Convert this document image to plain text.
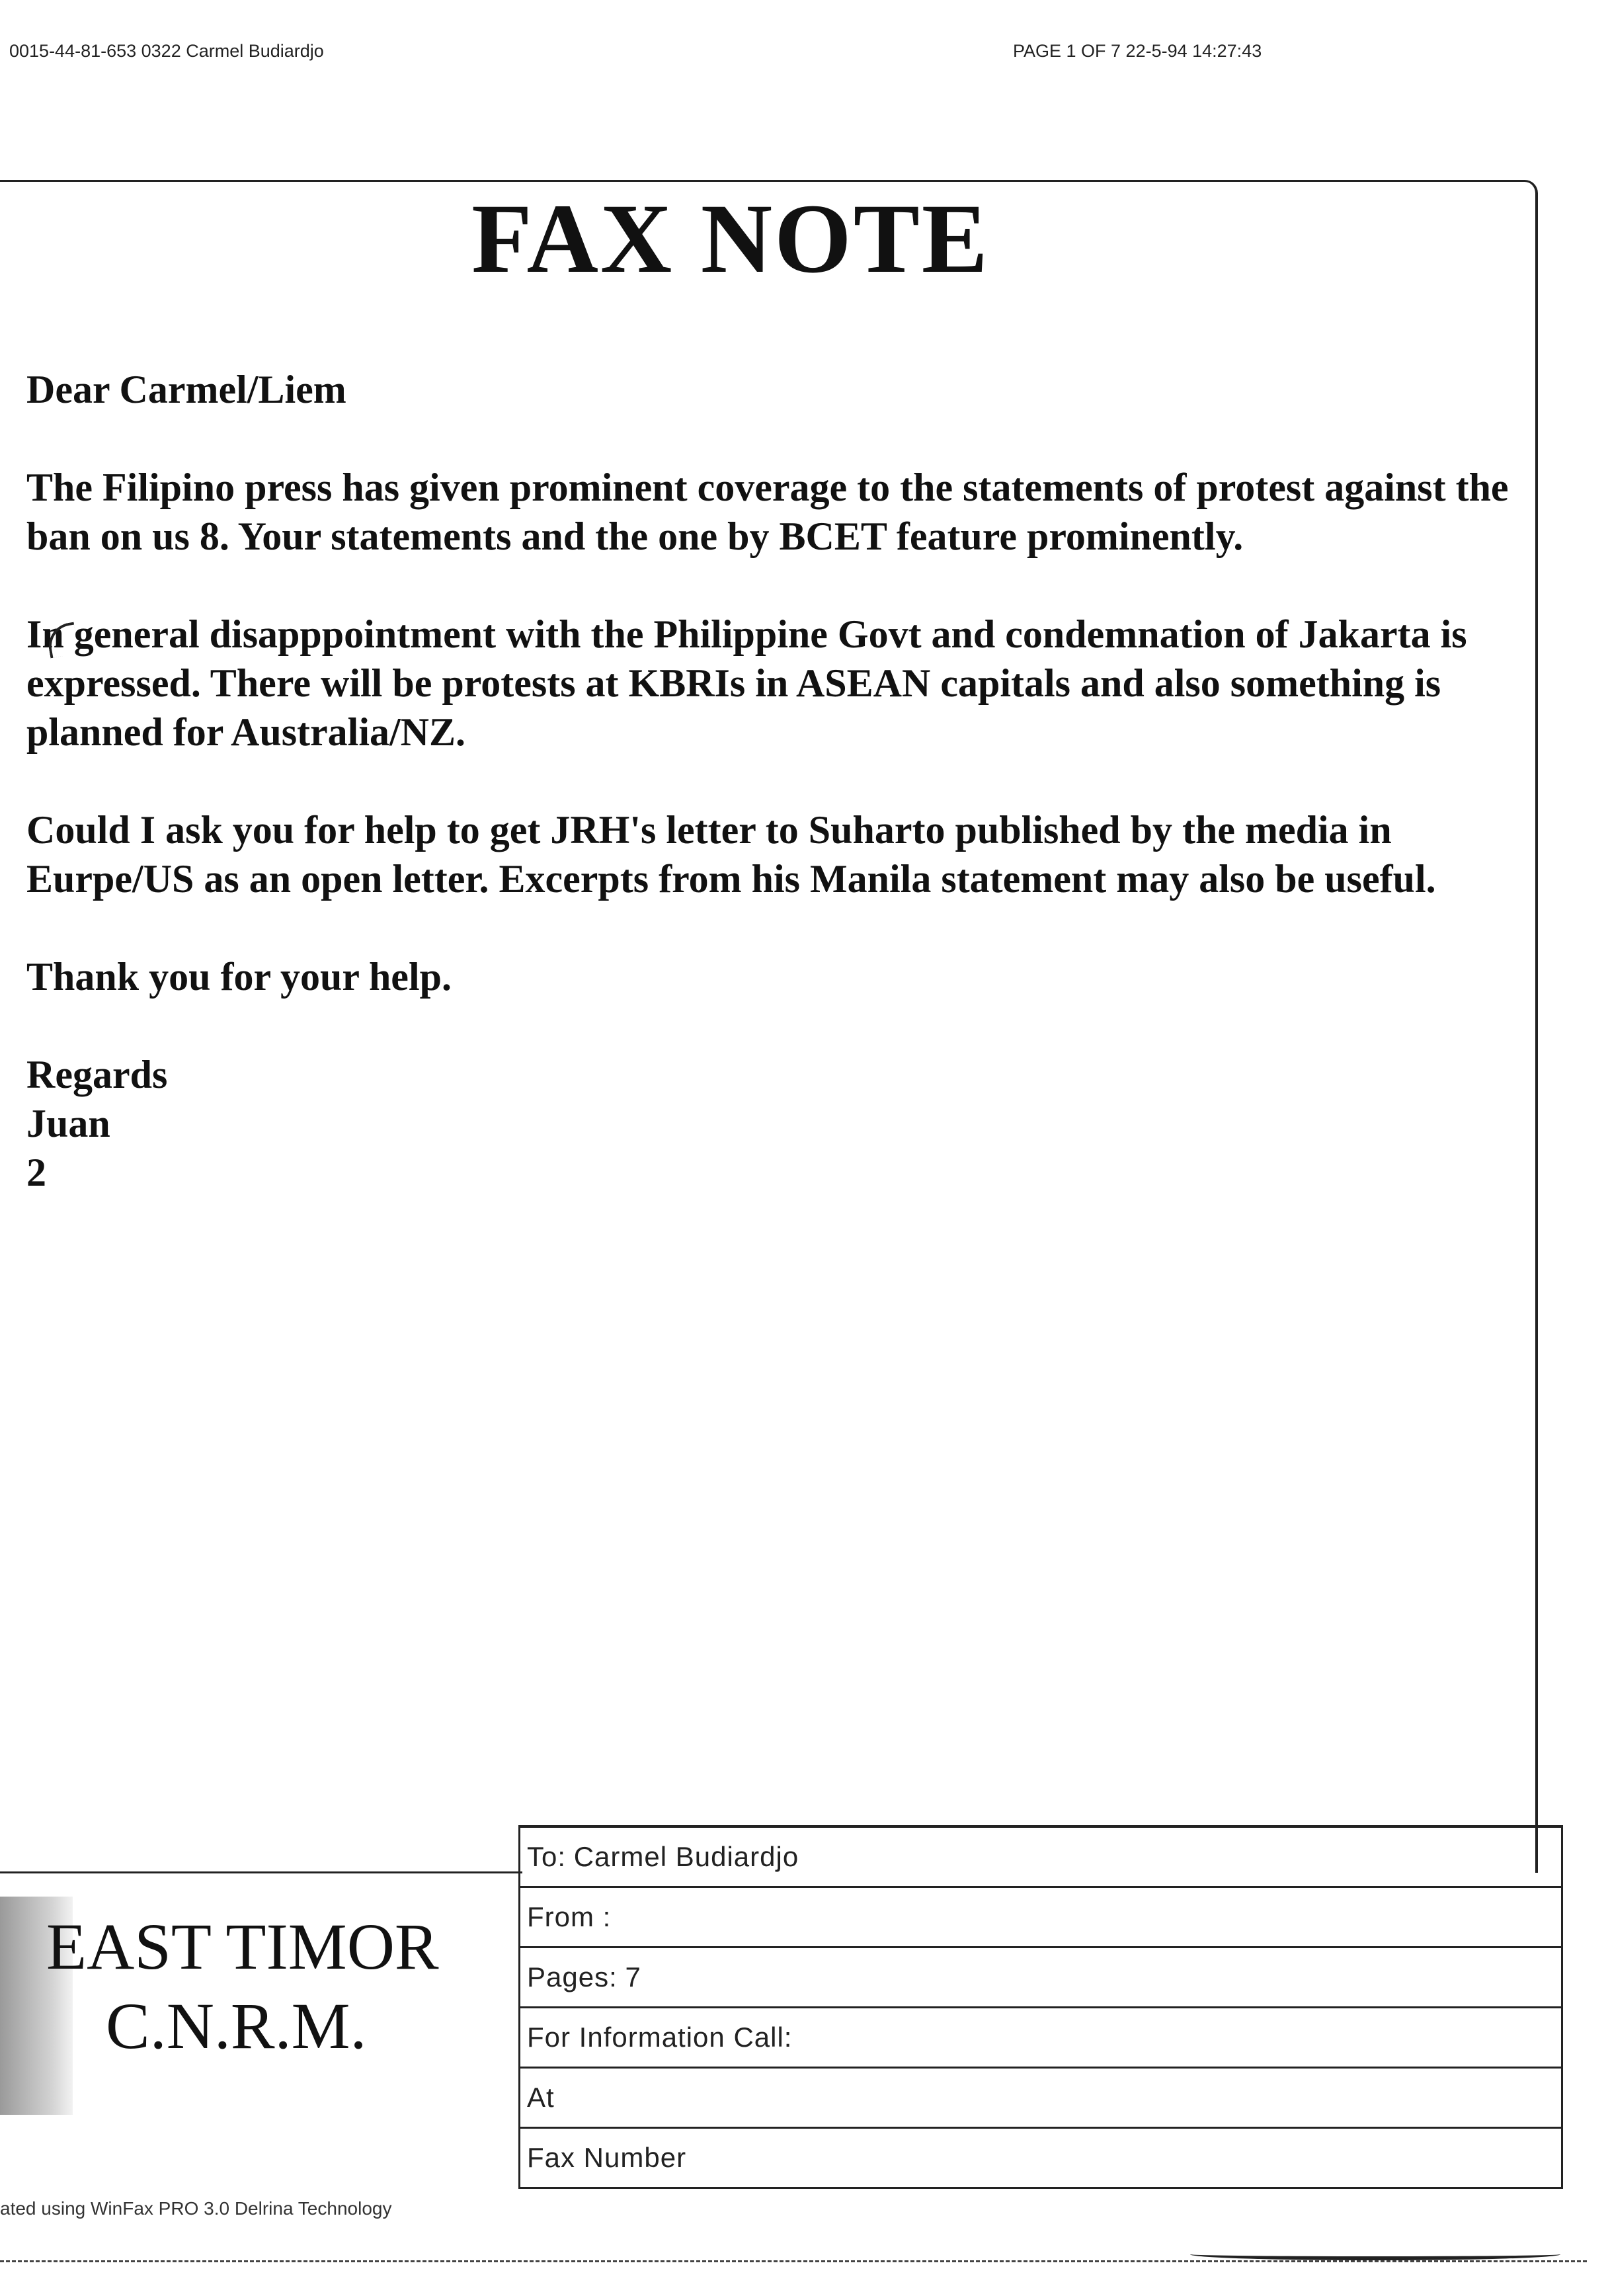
0015-44-81-653 0322 Carmel Budiardjo	PAGE 1 OF 7 22-5-94 14:27:43
FAX NOTE

Dear Carmel/Liem

The Filipino press has given prominent coverage to the statements of protest against the ban on us 8. Your statements and the one by BCET feature prominently.

In general disapppointment with the Philippine Govt and condemnation of Jakarta is expressed. There will be protests at KBRIs in ASEAN capitals and also something is planned for Australia/NZ.

Could I ask you for help to get JRH's letter to Suharto published by the media in Eurpe/US as an open letter. Excerpts from his Manila statement may also be useful.

Thank you for your help.

Regards

Juan

2

EAST TIMOR
C.N.R.M.
To: Carmel Budiardjo
From :
Pages: 7
For Information Call:
At
Fax Number
ated using WinFax PRO 3.0 Delrina Technology
